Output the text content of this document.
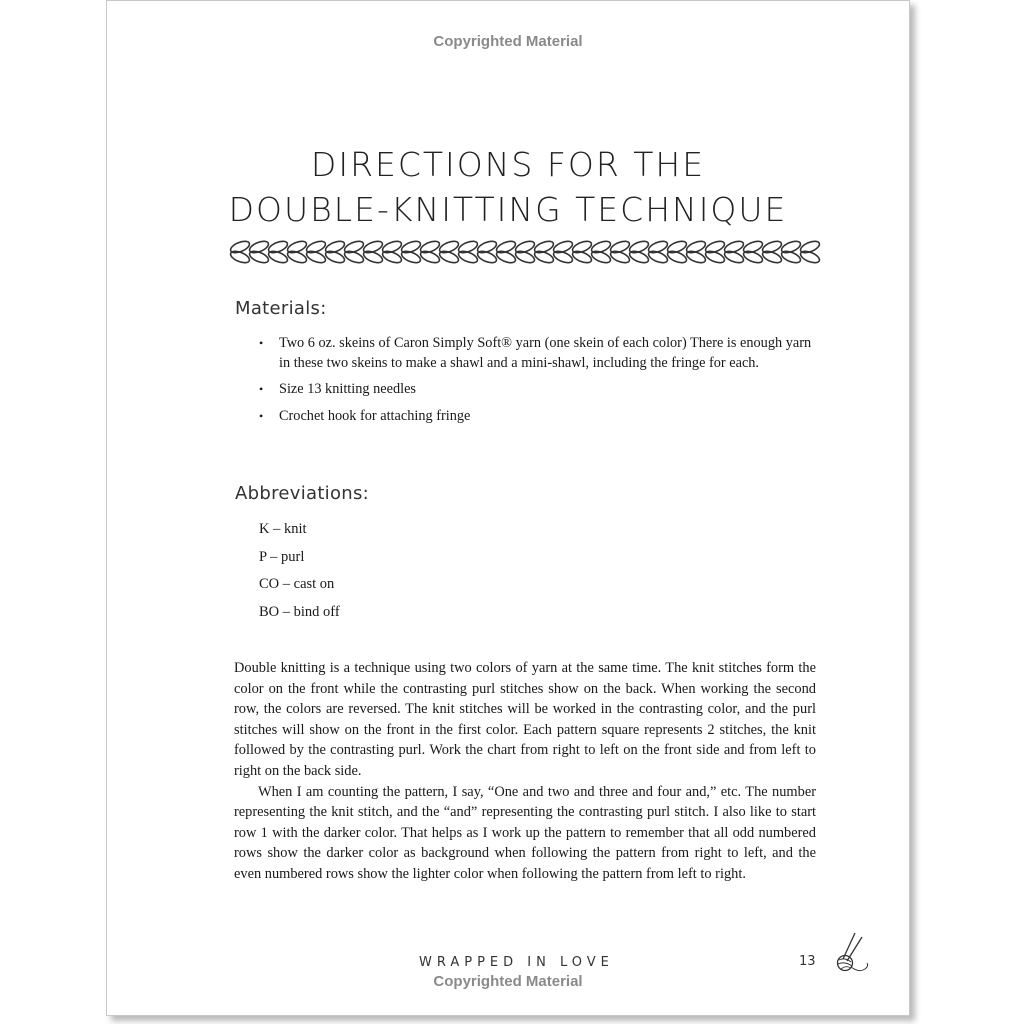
Copyrighted Material
DIRECTIONS FOR THE
DOUBLE-KNITTING TECHNIQUE
Materials:
• Two 6 oz. skeins of Caron Simply Soft® yarn (one skein of each color) There is enough yarn in these two skeins to make a shawl and a mini-shawl, including the fringe for each.
• Size 13 knitting needles
• Crochet hook for attaching fringe
Abbreviations:
K – knit
P – purl
CO – cast on
BO – bind off

Double knitting is a technique using two colors of yarn at the same time. The knit stitches form the color on the front while the contrasting purl stitches show on the back. When working the second row, the colors are reversed. The knit stitches will be worked in the contrasting color, and the purl stitches will show on the front in the first color. Each pattern square represents 2 stitches, the knit followed by the contrasting purl. Work the chart from right to left on the front side and from left to right on the back side.

When I am counting the pattern, I say, “One and two and three and four and,” etc. The number representing the knit stitch, and the “and” representing the contrasting purl stitch. I also like to start row 1 with the darker color. That helps as I work up the pattern to remember that all odd numbered rows show the darker color as background when following the pattern from right to left, and the even numbered rows show the lighter color when following the pattern from left to right.

WRAPPED IN LOVE	13
Copyrighted Material
